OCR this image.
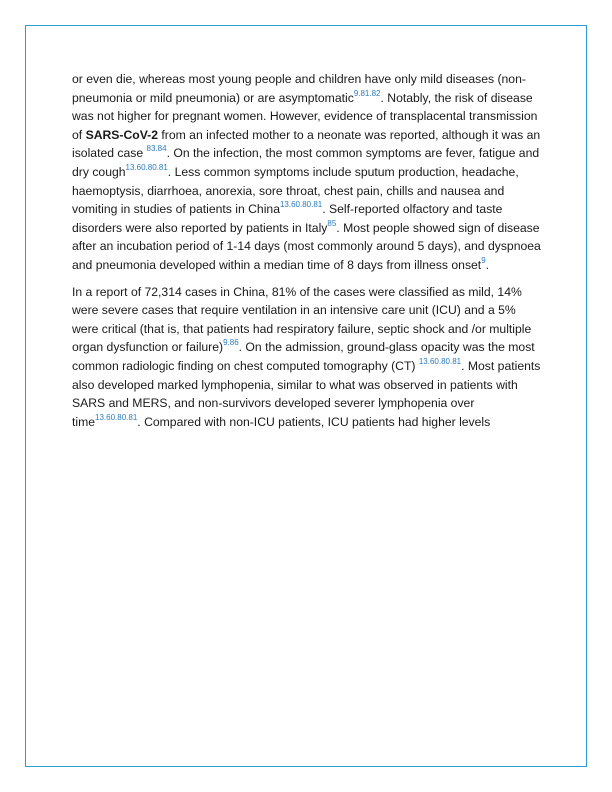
or even die, whereas most young people and children have only mild diseases (non-pneumonia or mild pneumonia) or are asymptomatic$^{9.81.82}$. Notably, the risk of disease was not higher for pregnant women. However, evidence of transplacental transmission of SARS-CoV-2 from an infected mother to a neonate was reported, although it was an isolated case $^{83.84}$. On the infection, the most common symptoms are fever, fatigue and dry cough$^{13.60.80.81}$. Less common symptoms include sputum production, headache, haemoptysis, diarrhoea, anorexia, sore throat, chest pain, chills and nausea and vomiting in studies of patients in China$^{13.60.80.81}$. Self-reported olfactory and taste disorders were also reported by patients in Italy$^{85}$. Most people showed sign of disease after an incubation period of 1-14 days (most commonly around 5 days), and dyspnoea and pneumonia developed within a median time of 8 days from illness onset$^9$.

In a report of 72,314 cases in China, 81% of the cases were classified as mild, 14% were severe cases that require ventilation in an intensive care unit (ICU) and a 5% were critical (that is, that patients had respiratory failure, septic shock and /or multiple organ dysfunction or failure)$^{9.86}$. On the admission, ground-glass opacity was the most common radiologic finding on chest computed tomography (CT) $^{13.60.80.81}$. Most patients also developed marked lymphopenia, similar to what was observed in patients with SARS and MERS, and non-survivors developed severer lymphopenia over time$^{13.60.80.81}$. Compared with non-ICU patients, ICU patients had higher levels
